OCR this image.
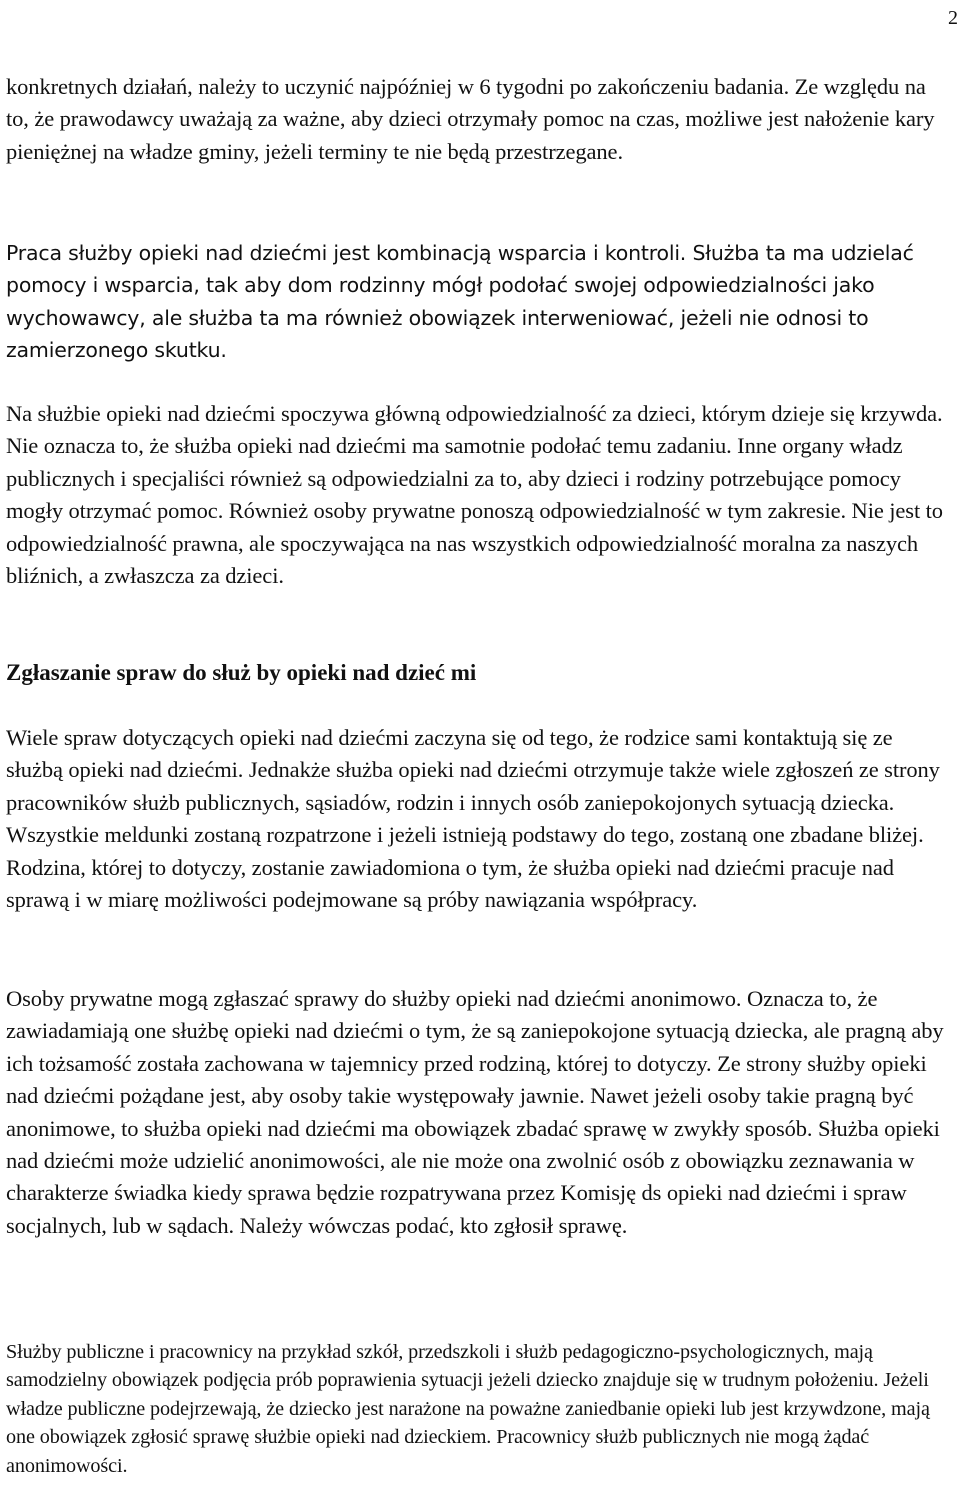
2

konkretnych działań, należy to uczynić najpóźniej w 6 tygodni po zakończeniu badania. Ze względu na to, że prawodawcy uważają za ważne, aby dzieci otrzymały pomoc na czas, możliwe jest nałożenie kary pieniężnej na władze gminy, jeżeli terminy te nie będą przestrzegane.

Praca służby opieki nad dziećmi jest kombinacją wsparcia i kontroli. Służba ta ma udzielać pomocy i wsparcia, tak aby dom rodzinny mógł podołać swojej odpowiedzialności jako wychowawcy, ale służba ta ma również obowiązek interweniować, jeżeli nie odnosi to zamierzonego skutku.

Na służbie opieki nad dziećmi spoczywa główną odpowiedzialność za dzieci, którym dzieje się krzywda. Nie oznacza to, że służba opieki nad dziećmi ma samotnie podołać temu zadaniu. Inne organy władz publicznych i specjaliści również są odpowiedzialni za to, aby dzieci i rodziny potrzebujące pomocy mogły otrzymać pomoc. Również osoby prywatne ponoszą odpowiedzialność w tym zakresie. Nie jest to odpowiedzialność prawna, ale spoczywająca na nas wszystkich odpowiedzialność moralna za naszych bliźnich, a zwłaszcza za dzieci.

Zgłaszanie spraw do służ by opieki nad dzieć mi

Wiele spraw dotyczących opieki nad dziećmi zaczyna się od tego, że rodzice sami kontaktują się ze służbą opieki nad dziećmi. Jednakże służba opieki nad dziećmi otrzymuje także wiele zgłoszeń ze strony pracowników służb publicznych, sąsiadów, rodzin i innych osób zaniepokojonych sytuacją dziecka. Wszystkie meldunki zostaną rozpatrzone i jeżeli istnieją podstawy do tego, zostaną one zbadane bliżej. Rodzina, której to dotyczy, zostanie zawiadomiona o tym, że służba opieki nad dziećmi pracuje nad sprawą i w miarę możliwości podejmowane są próby nawiązania współpracy.

Osoby prywatne mogą zgłaszać sprawy do służby opieki nad dziećmi anonimowo. Oznacza to, że zawiadamiają one służbę opieki nad dziećmi o tym, że są zaniepokojone sytuacją dziecka, ale pragną aby ich tożsamość została zachowana w tajemnicy przed rodziną, której to dotyczy. Ze strony służby opieki nad dziećmi pożądane jest, aby osoby takie występowały jawnie. Nawet jeżeli osoby takie pragną być anonimowe, to służba opieki nad dziećmi ma obowiązek zbadać sprawę w zwykły sposób. Służba opieki nad dziećmi może udzielić anonimowości, ale nie może ona zwolnić osób z obowiązku zeznawania w charakterze świadka kiedy sprawa będzie rozpatrywana przez Komisję ds opieki nad dziećmi i spraw socjalnych, lub w sądach. Należy wówczas podać, kto zgłosił sprawę.

Służby publiczne i pracownicy na przykład szkół, przedszkoli i służb pedagogiczno-psychologicznych, mają samodzielny obowiązek podjęcia prób poprawienia sytuacji jeżeli dziecko znajduje się w trudnym położeniu. Jeżeli władze publiczne podejrzewają, że dziecko jest narażone na poważne zaniedbanie opieki lub jest krzywdzone, mają one obowiązek zgłosić sprawę służbie opieki nad dzieckiem. Pracownicy służb publicznych nie mogą żądać anonimowości.
